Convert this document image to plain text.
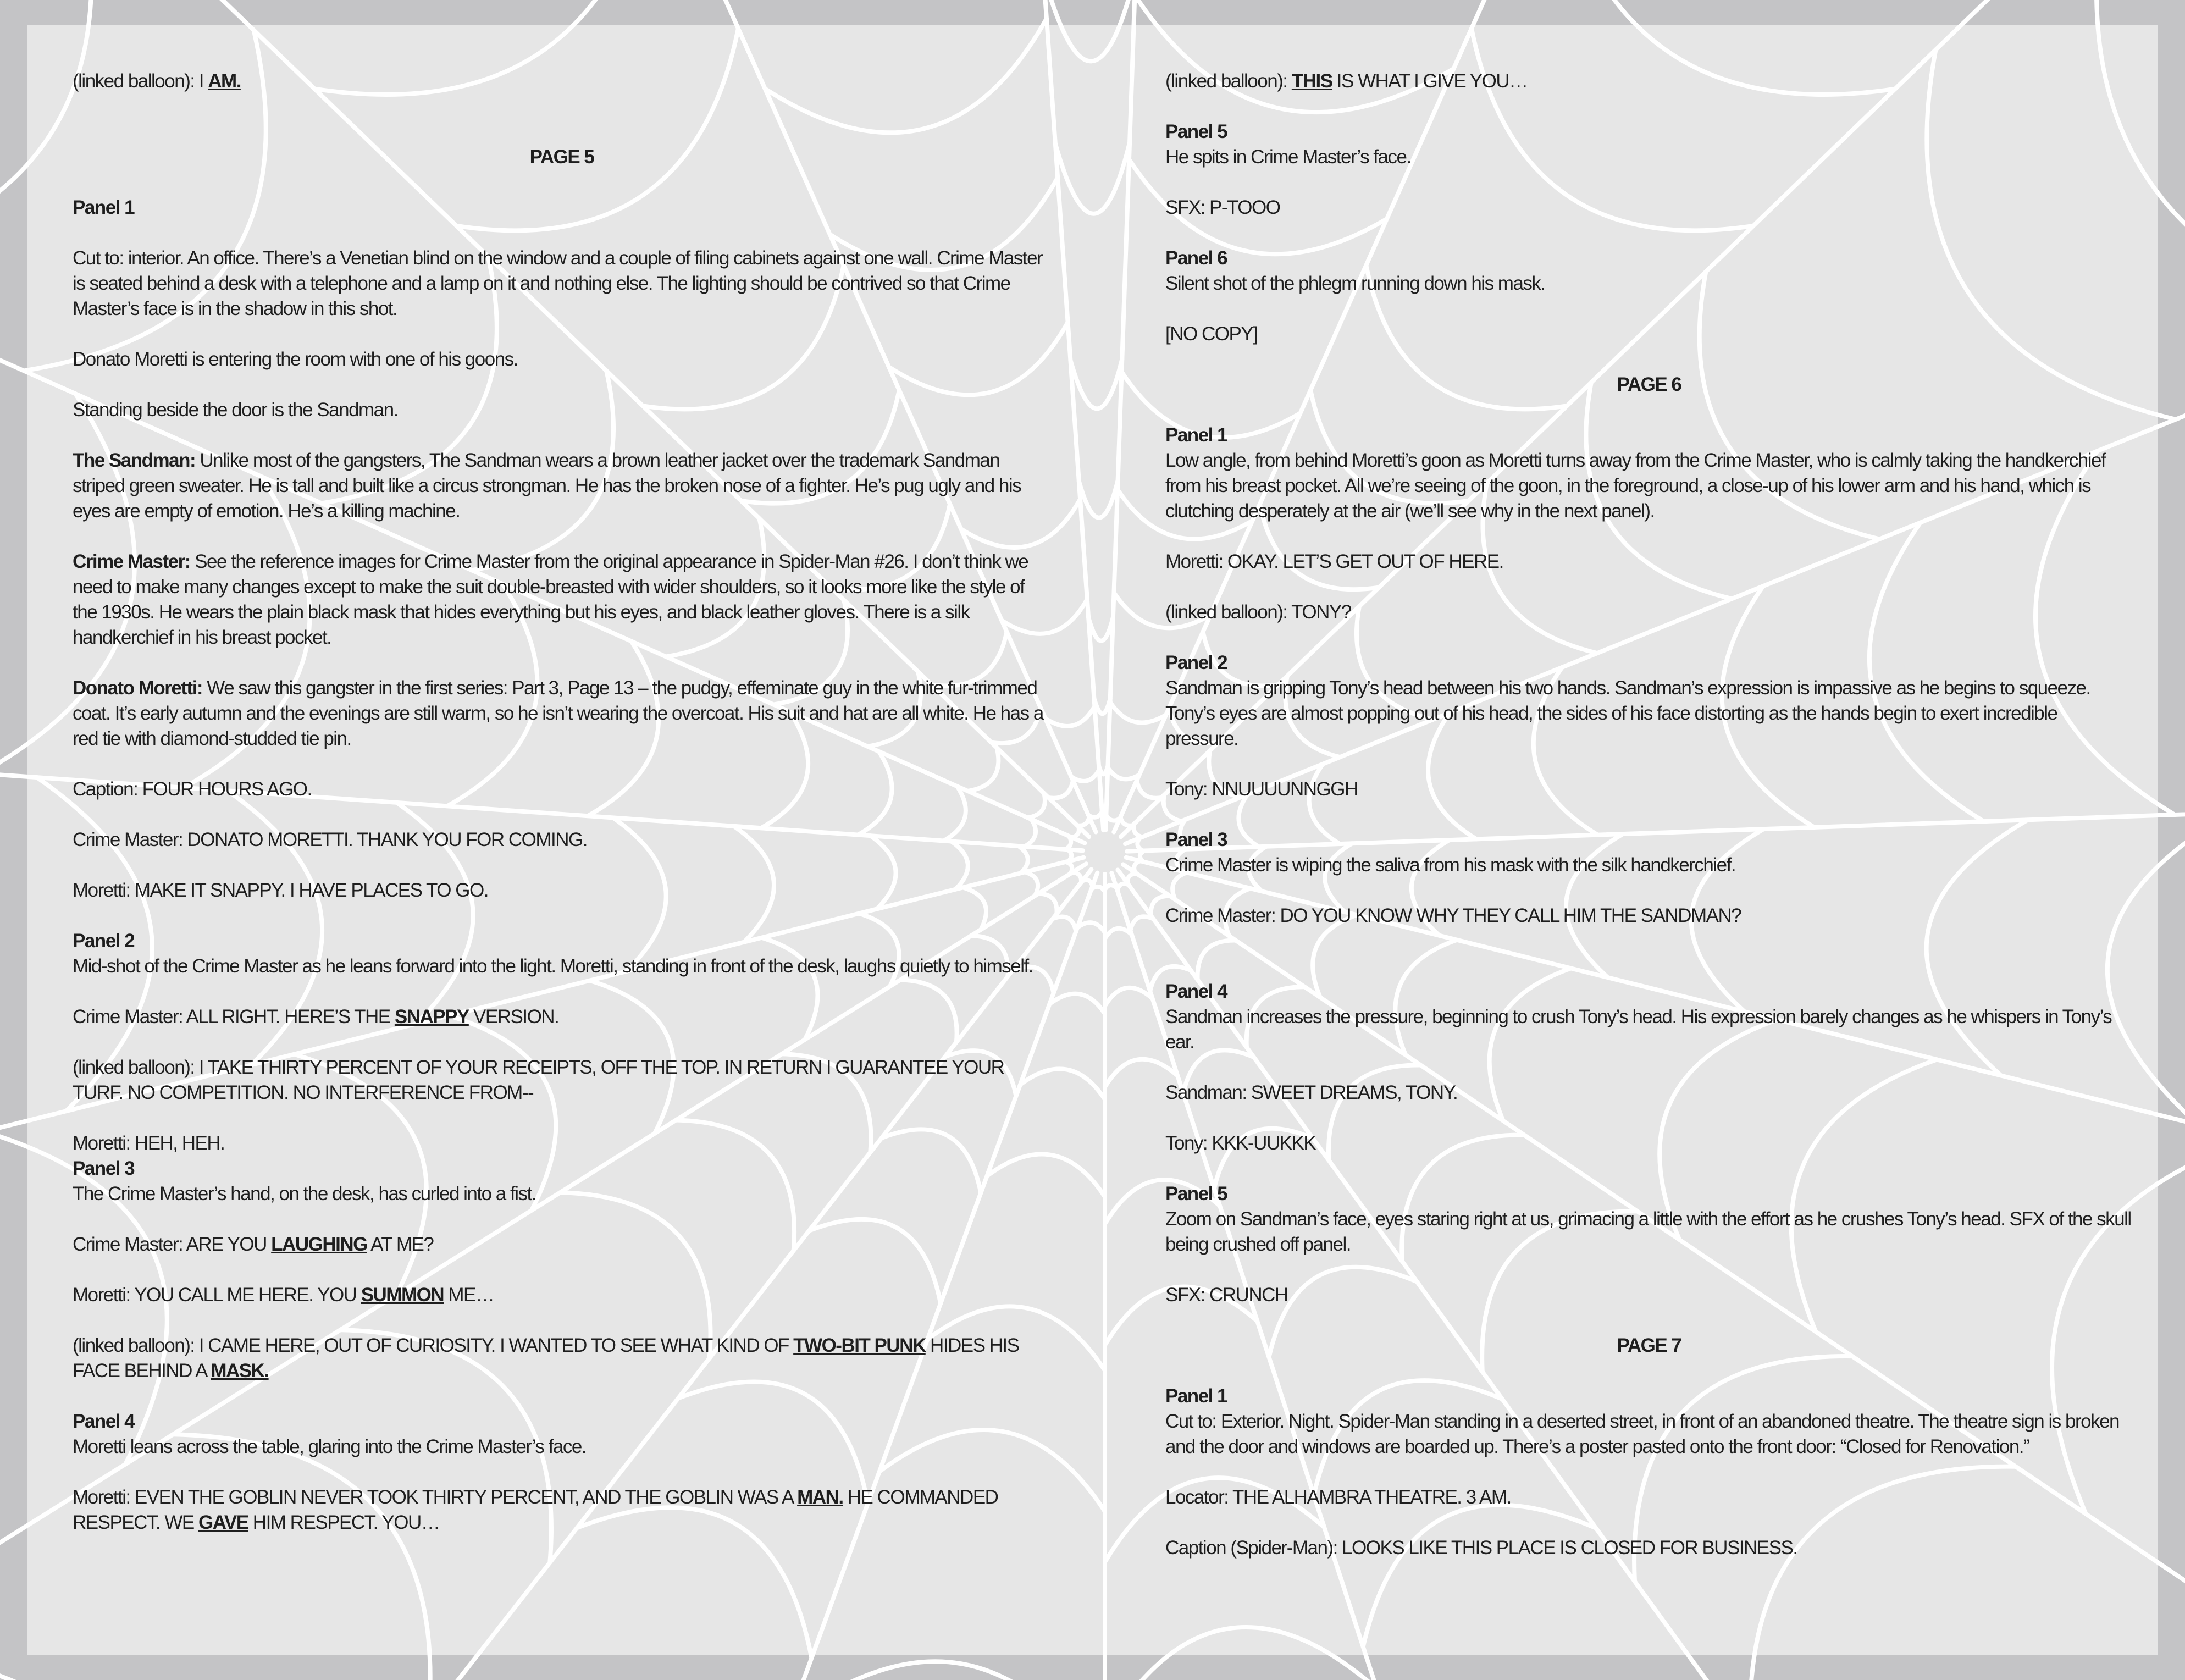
(linked balloon): I AM.

PAGE 5

Panel 1

Cut to: interior. An office. There’s a Venetian blind on the window and a couple of filing cabinets against one wall. Crime Master is seated behind a desk with a telephone and a lamp on it and nothing else. The lighting should be contrived so that Crime Master’s face is in the shadow in this shot.

Donato Moretti is entering the room with one of his goons.

Standing beside the door is the Sandman.

The Sandman: Unlike most of the gangsters, The Sandman wears a brown leather jacket over the trademark Sandman striped green sweater. He is tall and built like a circus strongman. He has the broken nose of a fighter. He’s pug ugly and his eyes are empty of emotion. He’s a killing machine.

Crime Master: See the reference images for Crime Master from the original appearance in Spider-Man #26. I don’t think we need to make many changes except to make the suit double-breasted with wider shoulders, so it looks more like the style of the 1930s. He wears the plain black mask that hides everything but his eyes, and black leather gloves. There is a silk handkerchief in his breast pocket.

Donato Moretti: We saw this gangster in the first series: Part 3, Page 13 – the pudgy, effeminate guy in the white fur-trimmed coat. It’s early autumn and the evenings are still warm, so he isn’t wearing the overcoat. His suit and hat are all white. He has a red tie with diamond-studded tie pin.

Caption: FOUR HOURS AGO.

Crime Master: DONATO MORETTI. THANK YOU FOR COMING.

Moretti: MAKE IT SNAPPY. I HAVE PLACES TO GO.

Panel 2

Mid-shot of the Crime Master as he leans forward into the light. Moretti, standing in front of the desk, laughs quietly to himself.

Crime Master: ALL RIGHT. HERE’S THE SNAPPY VERSION.

(linked balloon): I TAKE THIRTY PERCENT OF YOUR RECEIPTS, OFF THE TOP. IN RETURN I GUARANTEE YOUR TURF. NO COMPETITION. NO INTERFERENCE FROM--

Moretti: HEH, HEH.

Panel 3

The Crime Master’s hand, on the desk, has curled into a fist.

Crime Master: ARE YOU LAUGHING AT ME?

Moretti: YOU CALL ME HERE. YOU SUMMON ME…

(linked balloon): I CAME HERE, OUT OF CURIOSITY. I WANTED TO SEE WHAT KIND OF TWO-BIT PUNK HIDES HIS FACE BEHIND A MASK.

Panel 4

Moretti leans across the table, glaring into the Crime Master’s face.

Moretti: EVEN THE GOBLIN NEVER TOOK THIRTY PERCENT, AND THE GOBLIN WAS A MAN. HE COMMANDED RESPECT. WE GAVE HIM RESPECT. YOU…

(linked balloon): THIS IS WHAT I GIVE YOU…

Panel 5

He spits in Crime Master’s face.

SFX: P-TOOO

Panel 6

Silent shot of the phlegm running down his mask.

[NO COPY]

PAGE 6

Panel 1

Low angle, from behind Moretti’s goon as Moretti turns away from the Crime Master, who is calmly taking the handkerchief from his breast pocket. All we’re seeing of the goon, in the foreground, a close-up of his lower arm and his hand, which is clutching desperately at the air (we’ll see why in the next panel).

Moretti: OKAY. LET’S GET OUT OF HERE.

(linked balloon): TONY?

Panel 2

Sandman is gripping Tony’s head between his two hands. Sandman’s expression is impassive as he begins to squeeze. Tony’s eyes are almost popping out of his head, the sides of his face distorting as the hands begin to exert incredible pressure.

Tony: NNUUUUNNGGH

Panel 3

Crime Master is wiping the saliva from his mask with the silk handkerchief.

Crime Master: DO YOU KNOW WHY THEY CALL HIM THE SANDMAN?

Panel 4

Sandman increases the pressure, beginning to crush Tony’s head. His expression barely changes as he whispers in Tony’s ear.

Sandman: SWEET DREAMS, TONY.

Tony: KKK-UUKKK

Panel 5

Zoom on Sandman’s face, eyes staring right at us, grimacing a little with the effort as he crushes Tony’s head. SFX of the skull being crushed off panel.

SFX: CRUNCH

PAGE 7

Panel 1

Cut to: Exterior. Night. Spider-Man standing in a deserted street, in front of an abandoned theatre. The theatre sign is broken and the door and windows are boarded up. There’s a poster pasted onto the front door: “Closed for Renovation.”

Locator: THE ALHAMBRA THEATRE. 3 AM.

Caption (Spider-Man): LOOKS LIKE THIS PLACE IS CLOSED FOR BUSINESS.
